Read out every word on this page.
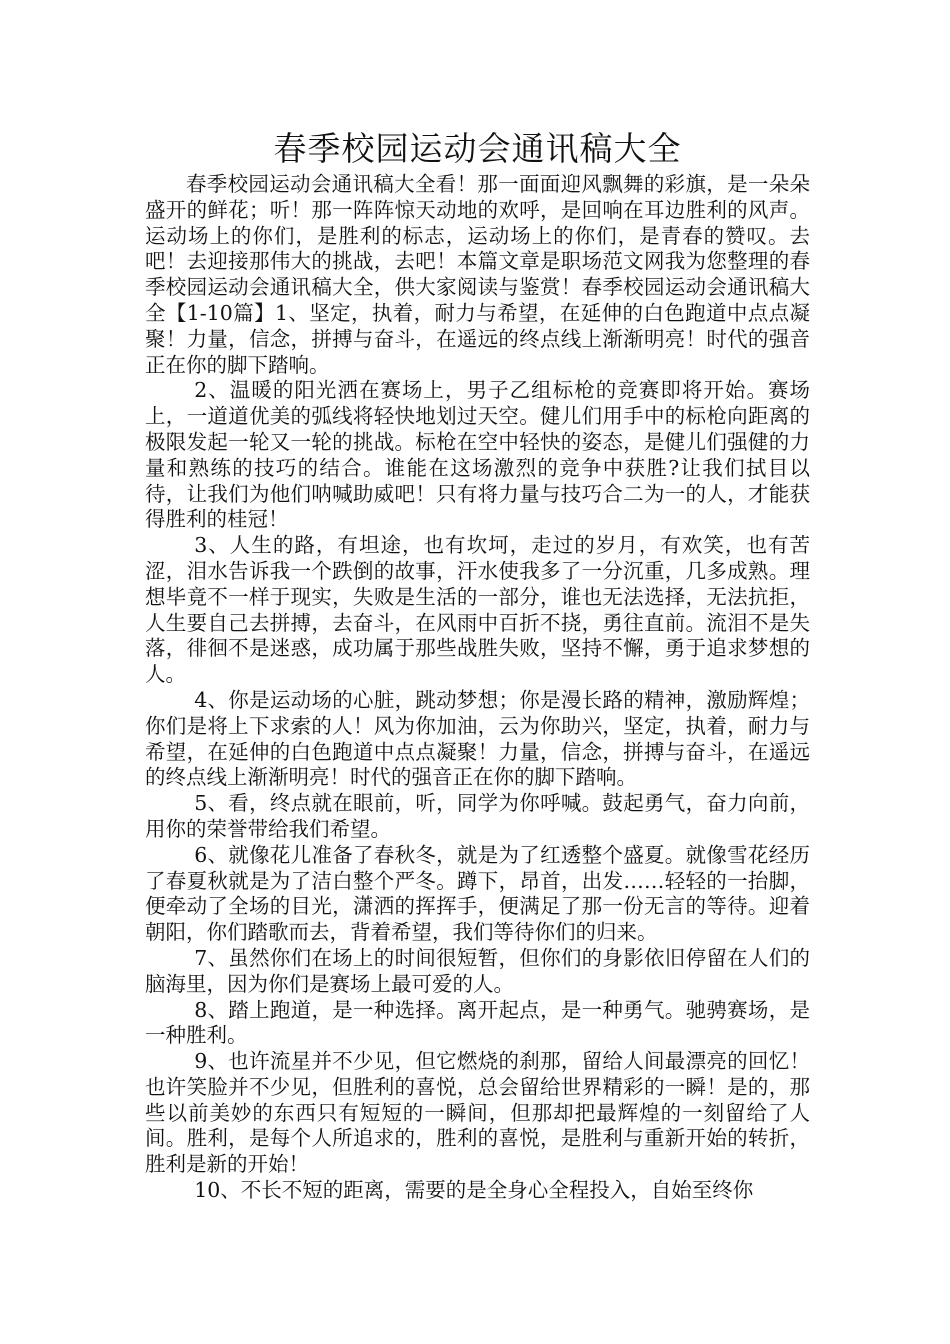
春季校园运动会通讯稿大全

春季校园运动会通讯稿大全看！那一面面迎风飘舞的彩旗，是一朵朵盛开的鲜花；听！那一阵阵惊天动地的欢呼，是回响在耳边胜利的风声。运动场上的你们，是胜利的标志，运动场上的你们，是青春的赞叹。去吧！去迎接那伟大的挑战，去吧！本篇文章是职场范文网我为您整理的春季校园运动会通讯稿大全，供大家阅读与鉴赏！春季校园运动会通讯稿大全【1-10篇】1、坚定，执着，耐力与希望，在延伸的白色跑道中点点凝聚！力量，信念，拼搏与奋斗，在遥远的终点线上渐渐明亮！时代的强音正在你的脚下踏响。

2、温暖的阳光洒在赛场上，男子乙组标枪的竞赛即将开始。赛场上，一道道优美的弧线将轻快地划过天空。健儿们用手中的标枪向距离的极限发起一轮又一轮的挑战。标枪在空中轻快的姿态，是健儿们强健的力量和熟练的技巧的结合。谁能在这场激烈的竞争中获胜?让我们拭目以待，让我们为他们呐喊助威吧！只有将力量与技巧合二为一的人，才能获得胜利的桂冠！

3、人生的路，有坦途，也有坎坷，走过的岁月，有欢笑，也有苦涩，泪水告诉我一个跌倒的故事，汗水使我多了一分沉重，几多成熟。理想毕竟不一样于现实，失败是生活的一部分，谁也无法选择，无法抗拒，人生要自己去拼搏，去奋斗，在风雨中百折不挠，勇往直前。流泪不是失落，徘徊不是迷惑，成功属于那些战胜失败，坚持不懈，勇于追求梦想的人。

4、你是运动场的心脏，跳动梦想；你是漫长路的精神，激励辉煌；你们是将上下求索的人！风为你加油，云为你助兴，坚定，执着，耐力与希望，在延伸的白色跑道中点点凝聚！力量，信念，拼搏与奋斗，在遥远的终点线上渐渐明亮！时代的强音正在你的脚下踏响。

5、看，终点就在眼前，听，同学为你呼喊。鼓起勇气，奋力向前，用你的荣誉带给我们希望。

6、就像花儿准备了春秋冬，就是为了红透整个盛夏。就像雪花经历了春夏秋就是为了洁白整个严冬。蹲下，昂首，出发……轻轻的一抬脚，便牵动了全场的目光，潇洒的挥挥手，便满足了那一份无言的等待。迎着朝阳，你们踏歌而去，背着希望，我们等待你们的归来。

7、虽然你们在场上的时间很短暂，但你们的身影依旧停留在人们的脑海里，因为你们是赛场上最可爱的人。

8、踏上跑道，是一种选择。离开起点，是一种勇气。驰骋赛场，是一种胜利。

9、也许流星并不少见，但它燃烧的刹那，留给人间最漂亮的回忆！也许笑脸并不少见，但胜利的喜悦，总会留给世界精彩的一瞬！是的，那些以前美妙的东西只有短短的一瞬间，但那却把最辉煌的一刻留给了人间。胜利，是每个人所追求的，胜利的喜悦，是胜利与重新开始的转折，胜利是新的开始！

10、不长不短的距离，需要的是全身心全程投入，自始至终你
